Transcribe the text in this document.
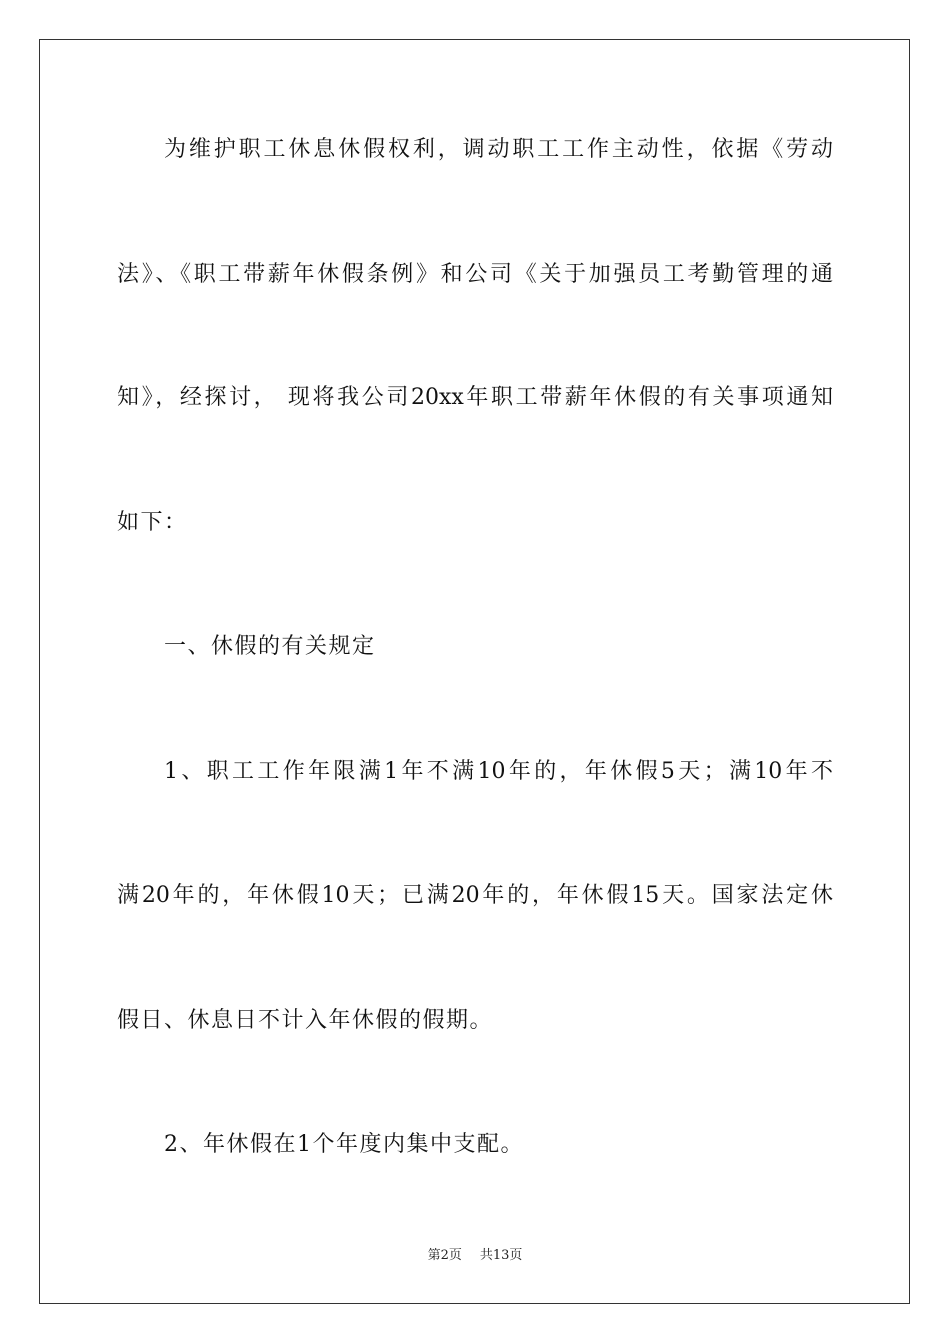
为维护职工休息休假权利，调动职工工作主动性，依据《劳动
法》、《职工带薪年休假条例》和公司《关于加强员工考勤管理的通
知》，经探讨， 现将我公司20xx年职工带薪年休假的有关事项通知
如下：
一、休假的有关规定
1、职工工作年限满1年不满10年的，年休假5天；满10年不
满20年的，年休假10天；已满20年的，年休假15天。国家法定休
假日、休息日不计入年休假的假期。
2、年休假在1个年度内集中支配。
第2页 共13页
